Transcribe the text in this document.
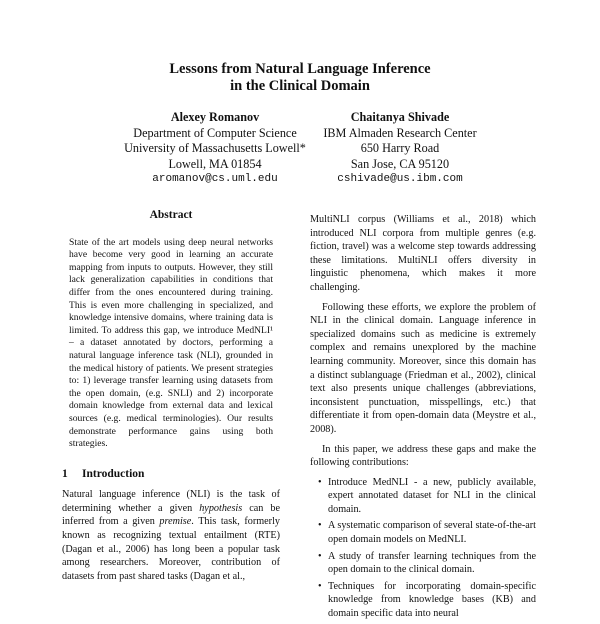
Lessons from Natural Language Inference
in the Clinical Domain
Alexey Romanov
Department of Computer Science
University of Massachusetts Lowell*
Lowell, MA 01854
aromanov@cs.uml.edu
Chaitanya Shivade
IBM Almaden Research Center
650 Harry Road
San Jose, CA 95120
cshivade@us.ibm.com
Abstract

State of the art models using deep neural networks have become very good in learning an accurate mapping from inputs to outputs. However, they still lack generalization capabilities in conditions that differ from the ones encountered during training. This is even more challenging in specialized, and knowledge intensive domains, where training data is limited. To address this gap, we introduce MedNLI¹ – a dataset annotated by doctors, performing a natural language inference task (NLI), grounded in the medical history of patients. We present strategies to: 1) leverage transfer learning using datasets from the open domain, (e.g. SNLI) and 2) incorporate domain knowledge from external data and lexical sources (e.g. medical terminologies). Our results demonstrate performance gains using both strategies.

1 Introduction

Natural language inference (NLI) is the task of determining whether a given hypothesis can be inferred from a given premise. This task, formerly known as recognizing textual entailment (RTE) (Dagan et al., 2006) has long been a popular task among researchers. Moreover, contribution of datasets from past shared tasks (Dagan et al.,

MultiNLI corpus (Williams et al., 2018) which introduced NLI corpora from multiple genres (e.g. fiction, travel) was a welcome step towards addressing these limitations. MultiNLI offers diversity in linguistic phenomena, which makes it more challenging.

Following these efforts, we explore the problem of NLI in the clinical domain. Language inference in specialized domains such as medicine is extremely complex and remains unexplored by the machine learning community. Moreover, since this domain has a distinct sublanguage (Friedman et al., 2002), clinical text also presents unique challenges (abbreviations, inconsistent punctuation, misspellings, etc.) that differentiate it from open-domain data (Meystre et al., 2008).

In this paper, we address these gaps and make the following contributions:

• Introduce MedNLI - a new, publicly available, expert annotated dataset for NLI in the clinical domain.
• A systematic comparison of several state-of-the-art open domain models on MedNLI.
• A study of transfer learning techniques from the open domain to the clinical domain.
• Techniques for incorporating domain-specific knowledge from knowledge bases (KB) and domain specific data into neural
